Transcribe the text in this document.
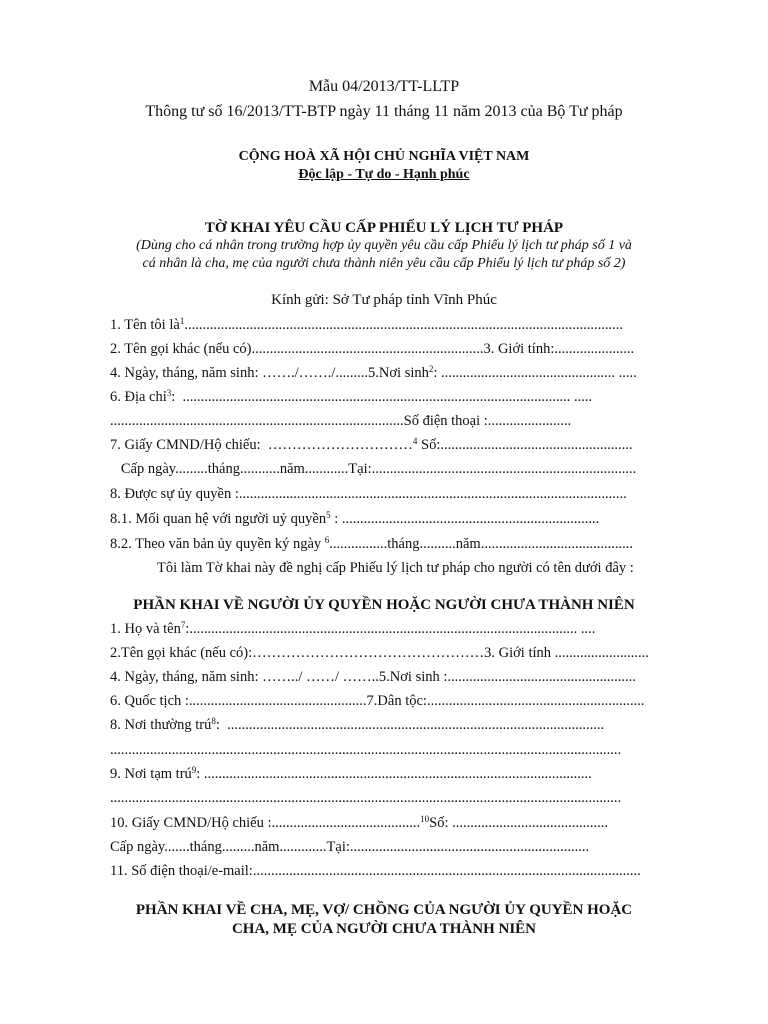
Mẫu 04/2013/TT-LLTP
Thông tư số 16/2013/TT-BTP ngày 11 tháng 11 năm 2013 của Bộ Tư pháp
CỘNG HOÀ XÃ HỘI CHỦ NGHĨA VIỆT NAM
Độc lập - Tự do - Hạnh phúc
TỜ KHAI YÊU CẦU CẤP PHIẾU LÝ LỊCH TƯ PHÁP
(Dùng cho cá nhân trong trường hợp ủy quyền yêu cầu cấp Phiếu lý lịch tư pháp số 1 và
cá nhân là cha, mẹ của người chưa thành niên yêu cầu cấp Phiếu lý lịch tư pháp số 2)
Kính gửi: Sở Tư pháp tỉnh Vĩnh Phúc
1. Tên tôi $là^1$.........................................................................................................................
2. Tên gọi khác (nếu có)................................................................3. Giới tính:......................
4. Ngày, tháng, năm sinh: ……./……./.........5.Nơi $\sinh^2$: ................................................ .....
6. Địa chỉ$^3$:  ........................................................................................................... .....
.................................................................................Số điện thoại :.......................
7. Giấy CMND/Hộ chiếu:  …………………………$^4$ Số:.....................................................
Cấp ngày.........tháng...........năm............Tại:.........................................................................
8. Được sự ủy quyền :...........................................................................................................
8.1. Mối quan hệ với người uỷ quyền$^5$ : .......................................................................
8.2. Theo văn bản ủy quyền ký ngày $^6$................tháng..........năm..........................................
Tôi làm Tờ khai này đề nghị cấp Phiếu lý lịch tư pháp cho người có tên dưới đây :
PHẦN KHAI VỀ NGƯỜI ỦY QUYỀN HOẶC NGƯỜI CHƯA THÀNH NIÊN
1. Họ và tên$^7$:........................................................................................................... ....
2.Tên gọi khác (nếu có):…………………………………………3. Giới tính ..........................
4. Ngày, tháng, năm sinh: ……../ ……/ ……..5.Nơi sinh :....................................................
6. Quốc tịch :.................................................7.Dân tộc:............................................................
8. Nơi thường trú$^8$:  ........................................................................................................
.............................................................................................................................................
9. Nơi tạm trú$^9$: ...........................................................................................................
.............................................................................................................................................
10. Giấy CMND/Hộ chiếu :.........................................$^{10}$Số: ...........................................
Cấp ngày.......tháng.........năm.............Tại:..................................................................
11. Số điện thoại/e-mail:...........................................................................................................
PHẦN KHAI VỀ CHA, MẸ, VỢ/ CHỒNG CỦA NGƯỜI ỦY QUYỀN HOẶC
CHA, MẸ CỦA NGƯỜI CHƯA THÀNH NIÊN
